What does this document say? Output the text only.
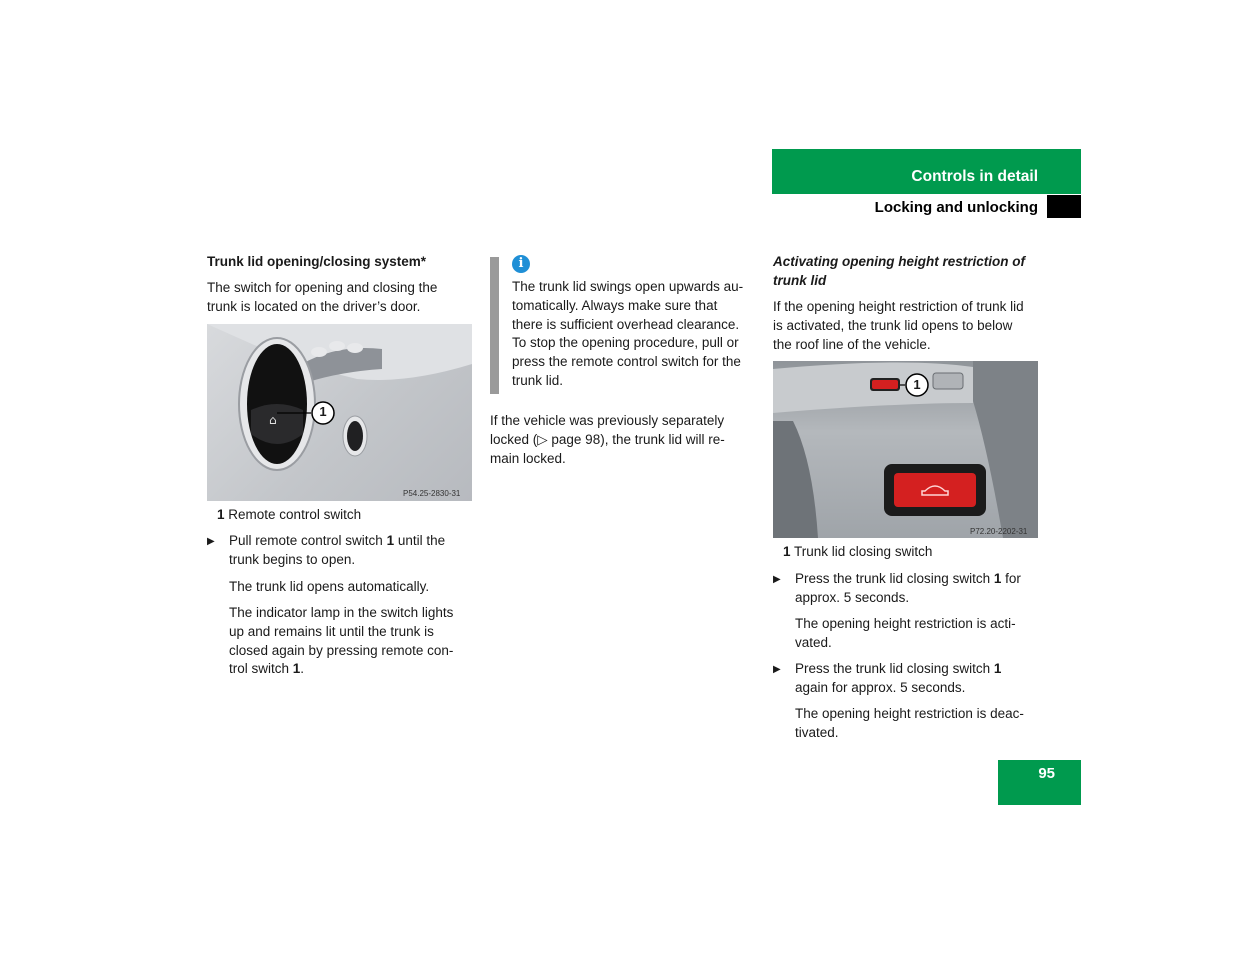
Controls in detail
Locking and unlocking

Trunk lid opening/closing system*

The switch for opening and closing the

trunk is located on the driver’s door.

⌂
1
P54.25-2830-31

1 Remote control switch

▶ Pull remote control switch 1 until the

trunk begins to open.

The trunk lid opens automatically.

The indicator lamp in the switch lights

up and remains lit until the trunk is

closed again by pressing remote con-

trol switch 1.

i

The trunk lid swings open upwards au-

tomatically. Always make sure that

there is sufficient overhead clearance.

To stop the opening procedure, pull or

press the remote control switch for the

trunk lid.

If the vehicle was previously separately

locked (▷ page 98), the trunk lid will re-

main locked.

Activating opening height restriction of

trunk lid

If the opening height restriction of trunk lid

is activated, the trunk lid opens to below

the roof line of the vehicle.

1
P72.20-2202-31

1 Trunk lid closing switch

▶ Press the trunk lid closing switch 1 for

approx. 5 seconds.

The opening height restriction is acti-

vated.

▶ Press the trunk lid closing switch 1

again for approx. 5 seconds.

The opening height restriction is deac-

tivated.

95
